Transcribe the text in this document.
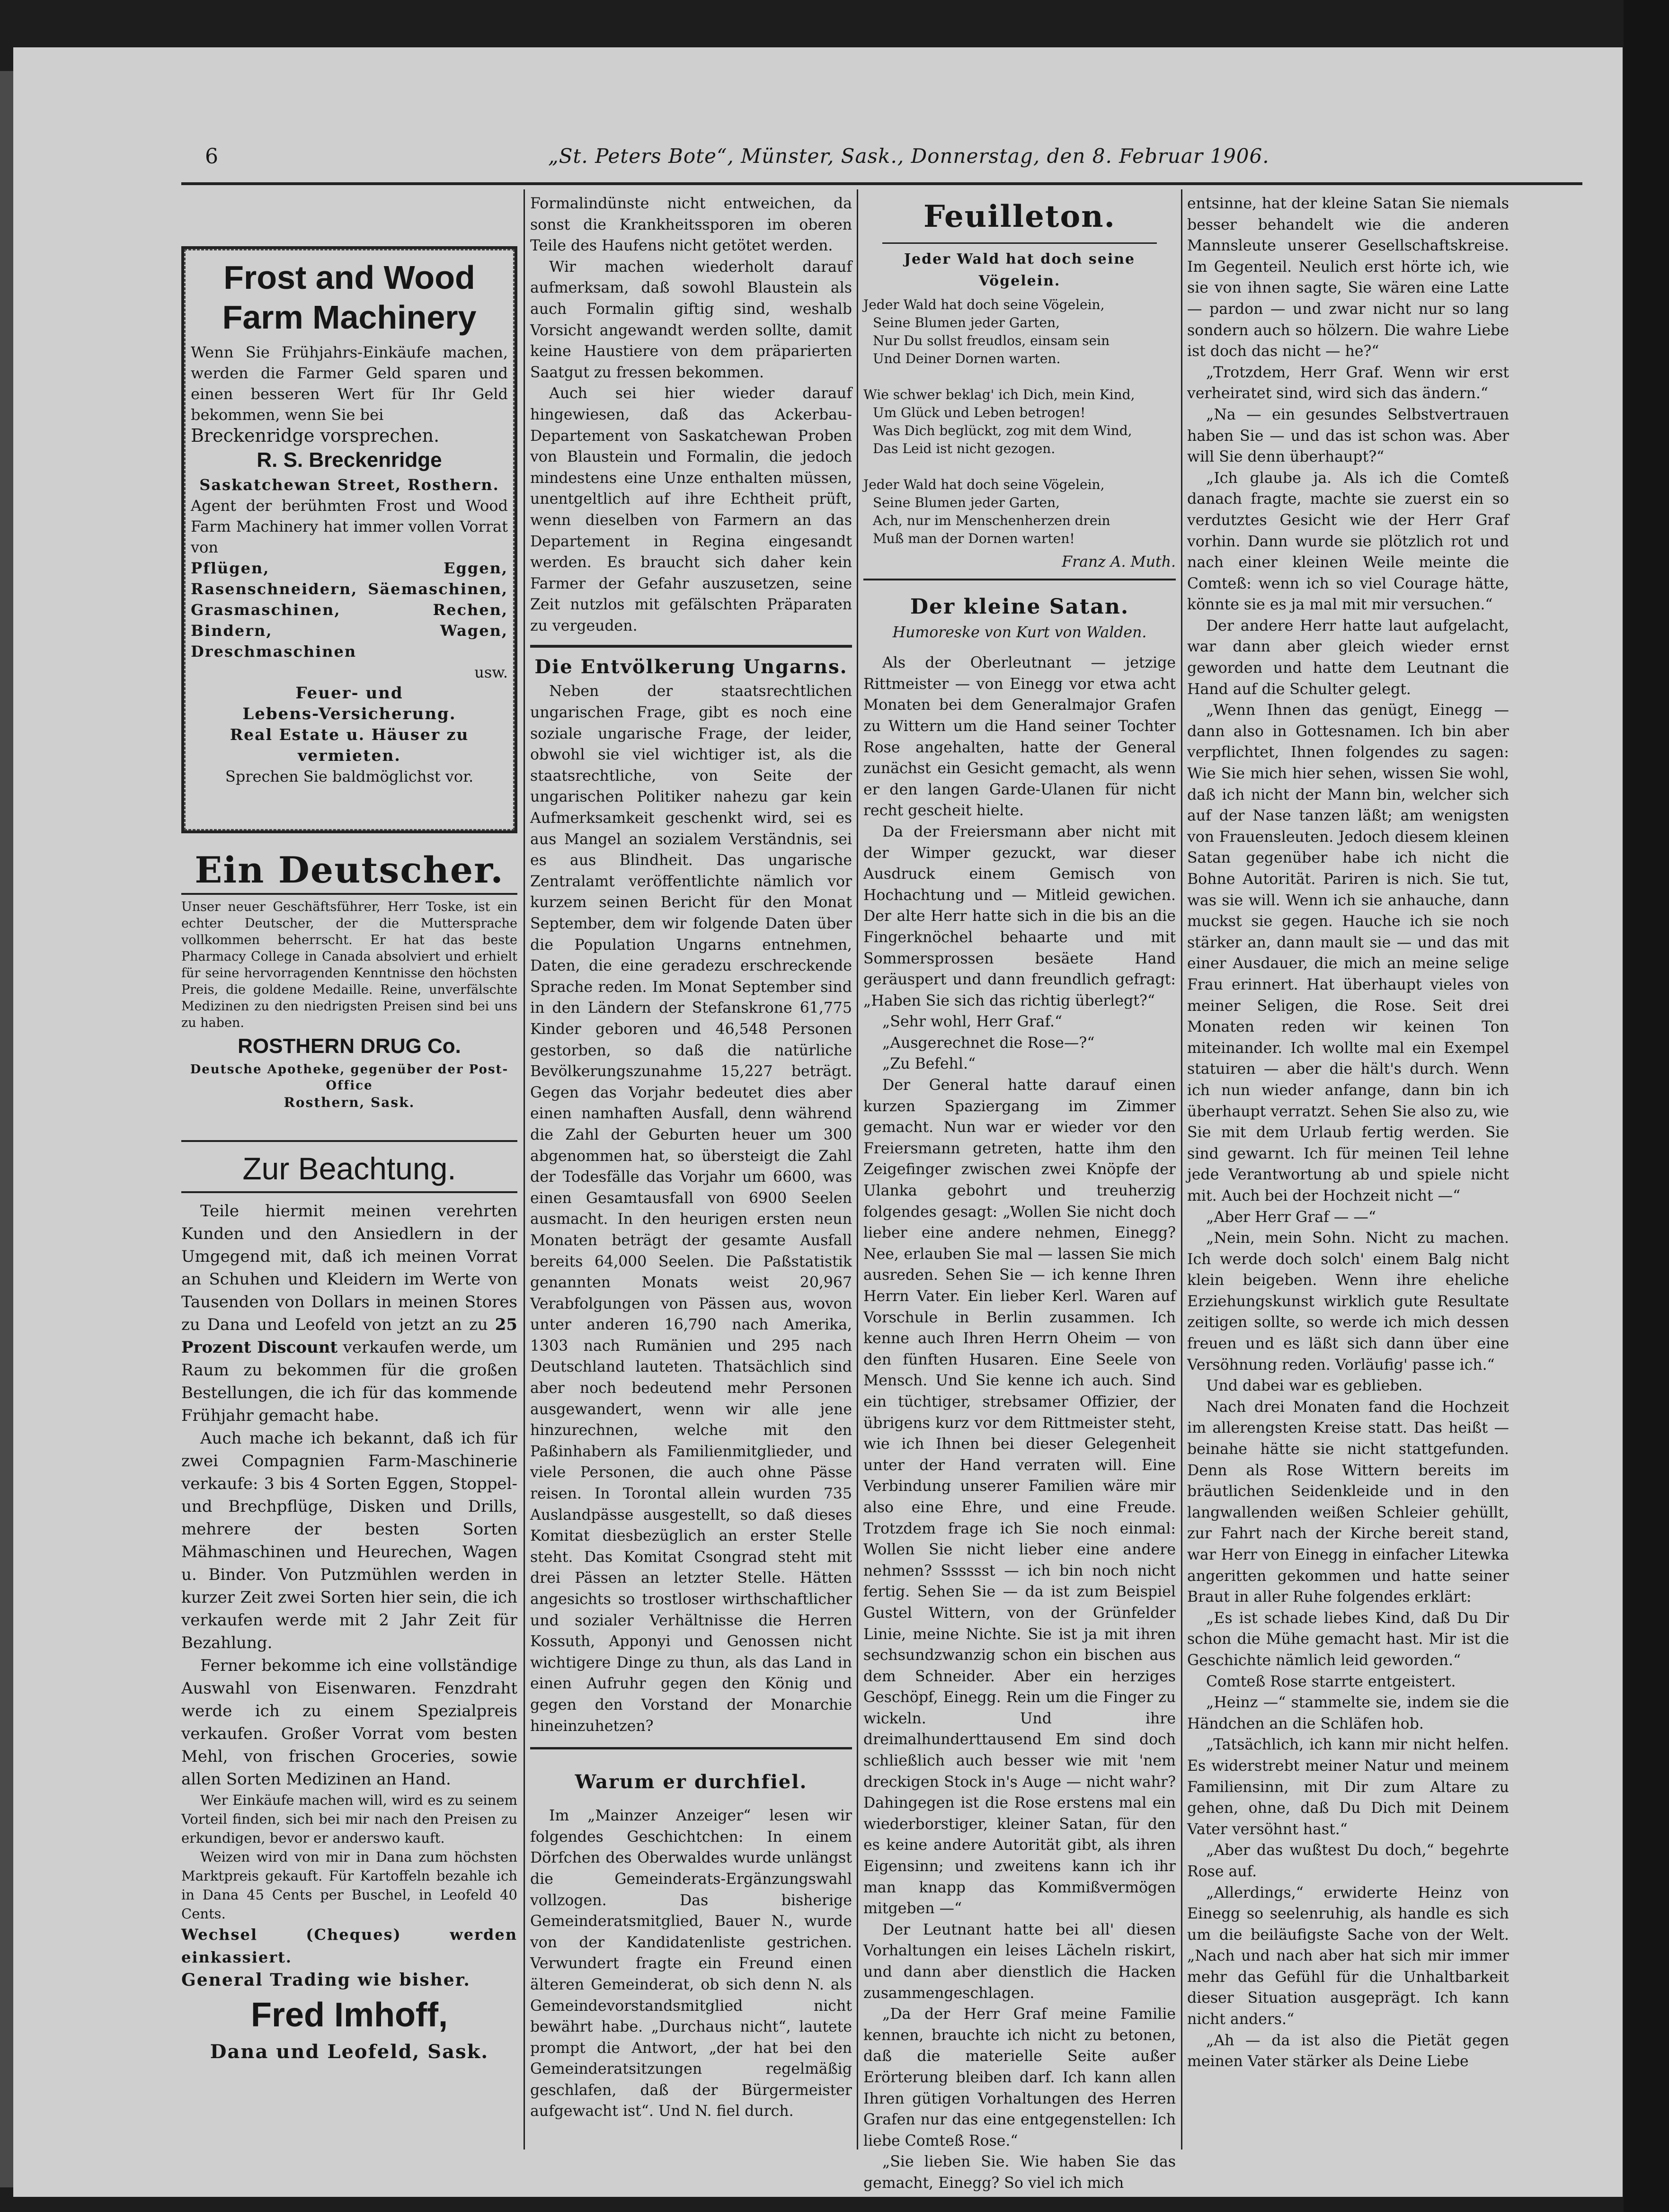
6	„St. Peters Bote“, Münster, Sask., Donnerstag, den 8. Februar 1906.
Frost and Wood
Farm Machinery
Wenn Sie Frühjahrs-Einkäufe machen, werden die Farmer Geld sparen und einen besseren Wert für Ihr Geld bekommen, wenn Sie bei
Breckenridge vorsprechen.
R. S. Breckenridge
Saskatchewan Street, Rosthern.
Agent der berühmten Frost und Wood Farm Machinery hat immer vollen Vorrat von
Pflügen, Eggen, Rasenschneidern, Säemaschinen, Grasmaschinen, Rechen, Bindern, Wagen, Dreschmaschinen
usw.
Feuer- und
Lebens-Versicherung.
Real Estate u. Häuser zu vermieten.
Sprechen Sie baldmöglichst vor.
Ein Deutscher.
Unser neuer Geschäftsführer, Herr Toske, ist ein echter Deutscher, der die Muttersprache vollkommen beherrscht. Er hat das beste Pharmacy College in Canada absolviert und erhielt für seine hervorragenden Kenntnisse den höchsten Preis, die goldene Medaille. Reine, unverfälschte Medizinen zu den niedrigsten Preisen sind bei uns zu haben.
ROSTHERN DRUG Co.
Deutsche Apotheke, gegenüber der Post-Office
Rosthern, Sask.
Zur Beachtung.

Teile hiermit meinen verehrten Kunden und den Ansiedlern in der Umgegend mit, daß ich meinen Vorrat an Schuhen und Kleidern im Werte von Tausenden von Dollars in meinen Stores zu Dana und Leofeld von jetzt an zu 25 Prozent Discount verkaufen werde, um Raum zu bekommen für die großen Bestellungen, die ich für das kommende Frühjahr gemacht habe.

Auch mache ich bekannt, daß ich für zwei Compagnien Farm-Maschinerie verkaufe: 3 bis 4 Sorten Eggen, Stoppel- und Brechpflüge, Disken und Drills, mehrere der besten Sorten Mähmaschinen und Heurechen, Wagen u. Binder. Von Putzmühlen werden in kurzer Zeit zwei Sorten hier sein, die ich verkaufen werde mit 2 Jahr Zeit für Bezahlung.

Ferner bekomme ich eine vollständige Auswahl von Eisenwaren. Fenzdraht werde ich zu einem Spezialpreis verkaufen. Großer Vorrat vom besten Mehl, von frischen Groceries, sowie allen Sorten Medizinen an Hand.

Wer Einkäufe machen will, wird es zu seinem Vorteil finden, sich bei mir nach den Preisen zu erkundigen, bevor er anderswo kauft.

Weizen wird von mir in Dana zum höchsten Marktpreis gekauft. Für Kartoffeln bezahle ich in Dana 45 Cents per Buschel, in Leofeld 40 Cents.

Wechsel (Cheques) werden einkassiert.
General Trading wie bisher.
Fred Imhoff,
Dana und Leofeld, Sask.
Formalindünste nicht entweichen, da sonst die Krankheitssporen im oberen Teile des Haufens nicht getötet werden.

Wir machen wiederholt darauf aufmerksam, daß sowohl Blaustein als auch Formalin giftig sind, weshalb Vorsicht angewandt werden sollte, damit keine Haustiere von dem präparierten Saatgut zu fressen bekommen.

Auch sei hier wieder darauf hingewiesen, daß das Ackerbau-Departement von Saskatchewan Proben von Blaustein und Formalin, die jedoch mindestens eine Unze enthalten müssen, unentgeltlich auf ihre Echtheit prüft, wenn dieselben von Farmern an das Departement in Regina eingesandt werden. Es braucht sich daher kein Farmer der Gefahr auszusetzen, seine Zeit nutzlos mit gefälschten Präparaten zu vergeuden.

Die Entvölkerung Ungarns.

Neben der staatsrechtlichen ungarischen Frage, gibt es noch eine soziale ungarische Frage, der leider, obwohl sie viel wichtiger ist, als die staatsrechtliche, von Seite der ungarischen Politiker nahezu gar kein Aufmerksamkeit geschenkt wird, sei es aus Mangel an sozialem Verständnis, sei es aus Blindheit. Das ungarische Zentralamt veröffentlichte nämlich vor kurzem seinen Bericht für den Monat September, dem wir folgende Daten über die Population Ungarns entnehmen, Daten, die eine geradezu erschreckende Sprache reden. Im Monat September sind in den Ländern der Stefanskrone 61,775 Kinder geboren und 46,548 Personen gestorben, so daß die natürliche Bevölkerungszunahme 15,227 beträgt. Gegen das Vorjahr bedeutet dies aber einen namhaften Ausfall, denn während die Zahl der Geburten heuer um 300 abgenommen hat, so übersteigt die Zahl der Todesfälle das Vorjahr um 6600, was einen Gesamtausfall von 6900 Seelen ausmacht. In den heurigen ersten neun Monaten beträgt der gesamte Ausfall bereits 64,000 Seelen. Die Paßstatistik genannten Monats weist 20,967 Verabfolgungen von Pässen aus, wovon unter anderen 16,790 nach Amerika, 1303 nach Rumänien und 295 nach Deutschland lauteten. Thatsächlich sind aber noch bedeutend mehr Personen ausgewandert, wenn wir alle jene hinzurechnen, welche mit den Paßinhabern als Familienmitglieder, und viele Personen, die auch ohne Pässe reisen. In Torontal allein wurden 735 Auslandpässe ausgestellt, so daß dieses Komitat diesbezüglich an erster Stelle steht. Das Komitat Csongrad steht mit drei Pässen an letzter Stelle. Hätten angesichts so trostloser wirthschaftlicher und sozialer Verhältnisse die Herren Kossuth, Apponyi und Genossen nicht wichtigere Dinge zu thun, als das Land in einen Aufruhr gegen den König und gegen den Vorstand der Monarchie hineinzuhetzen?

Warum er durchfiel.

Im „Mainzer Anzeiger“ lesen wir folgendes Geschichtchen: In einem Dörfchen des Oberwaldes wurde unlängst die Gemeinderats-Ergänzungswahl vollzogen. Das bisherige Gemeinderatsmitglied, Bauer N., wurde von der Kandidatenliste gestrichen. Verwundert fragte ein Freund einen älteren Gemeinderat, ob sich denn N. als Gemeindevorstandsmitglied nicht bewährt habe. „Durchaus nicht“, lautete prompt die Antwort, „der hat bei den Gemeinderatsitzungen regelmäßig geschlafen, daß der Bürgermeister aufgewacht ist“. Und N. fiel durch.

Feuilleton.
Jeder Wald hat doch seine Vögelein.
Jeder Wald hat doch seine Vögelein,
Seine Blumen jeder Garten,
Nur Du sollst freudlos, einsam sein
Und Deiner Dornen warten.

Wie schwer beklag' ich Dich, mein Kind,
Um Glück und Leben betrogen!
Was Dich beglückt, zog mit dem Wind,
Das Leid ist nicht gezogen.

Jeder Wald hat doch seine Vögelein,
Seine Blumen jeder Garten,
Ach, nur im Menschenherzen drein
Muß man der Dornen warten!
Franz A. Muth.
Der kleine Satan.
Humoreske von Kurt von Walden.

Als der Oberleutnant — jetzige Rittmeister — von Einegg vor etwa acht Monaten bei dem Generalmajor Grafen zu Wittern um die Hand seiner Tochter Rose angehalten, hatte der General zunächst ein Gesicht gemacht, als wenn er den langen Garde-Ulanen für nicht recht gescheit hielte.

Da der Freiersmann aber nicht mit der Wimper gezuckt, war dieser Ausdruck einem Gemisch von Hochachtung und — Mitleid gewichen. Der alte Herr hatte sich in die bis an die Fingerknöchel behaarte und mit Sommersprossen besäete Hand geräuspert und dann freundlich gefragt: „Haben Sie sich das richtig überlegt?“

„Sehr wohl, Herr Graf.“

„Ausgerechnet die Rose—?“

„Zu Befehl.“

Der General hatte darauf einen kurzen Spaziergang im Zimmer gemacht. Nun war er wieder vor den Freiersmann getreten, hatte ihm den Zeigefinger zwischen zwei Knöpfe der Ulanka gebohrt und treuherzig folgendes gesagt: „Wollen Sie nicht doch lieber eine andere nehmen, Einegg? Nee, erlauben Sie mal — lassen Sie mich ausreden. Sehen Sie — ich kenne Ihren Herrn Vater. Ein lieber Kerl. Waren auf Vorschule in Berlin zusammen. Ich kenne auch Ihren Herrn Oheim — von den fünften Husaren. Eine Seele von Mensch. Und Sie kenne ich auch. Sind ein tüchtiger, strebsamer Offizier, der übrigens kurz vor dem Rittmeister steht, wie ich Ihnen bei dieser Gelegenheit unter der Hand verraten will. Eine Verbindung unserer Familien wäre mir also eine Ehre, und eine Freude. Trotzdem frage ich Sie noch einmal: Wollen Sie nicht lieber eine andere nehmen? Sssssst — ich bin noch nicht fertig. Sehen Sie — da ist zum Beispiel Gustel Wittern, von der Grünfelder Linie, meine Nichte. Sie ist ja mit ihren sechsundzwanzig schon ein bischen aus dem Schneider. Aber ein herziges Geschöpf, Einegg. Rein um die Finger zu wickeln. Und ihre dreimalhunderttausend Em sind doch schließlich auch besser wie mit 'nem dreckigen Stock in's Auge — nicht wahr? Dahingegen ist die Rose erstens mal ein wiederborstiger, kleiner Satan, für den es keine andere Autorität gibt, als ihren Eigensinn; und zweitens kann ich ihr man knapp das Kommißvermögen mitgeben —“

Der Leutnant hatte bei all' diesen Vorhaltungen ein leises Lächeln riskirt, und dann aber dienstlich die Hacken zusammengeschlagen.

„Da der Herr Graf meine Familie kennen, brauchte ich nicht zu betonen, daß die materielle Seite außer Erörterung bleiben darf. Ich kann allen Ihren gütigen Vorhaltungen des Herren Grafen nur das eine entgegenstellen: Ich liebe Comteß Rose.“

„Sie lieben Sie. Wie haben Sie das gemacht, Einegg? So viel ich mich

entsinne, hat der kleine Satan Sie niemals besser behandelt wie die anderen Mannsleute unserer Gesellschaftskreise. Im Gegenteil. Neulich erst hörte ich, wie sie von ihnen sagte, Sie wären eine Latte — pardon — und zwar nicht nur so lang sondern auch so hölzern. Die wahre Liebe ist doch das nicht — he?“

„Trotzdem, Herr Graf. Wenn wir erst verheiratet sind, wird sich das ändern.“

„Na — ein gesundes Selbstvertrauen haben Sie — und das ist schon was. Aber will Sie denn überhaupt?“

„Ich glaube ja. Als ich die Comteß danach fragte, machte sie zuerst ein so verdutztes Gesicht wie der Herr Graf vorhin. Dann wurde sie plötzlich rot und nach einer kleinen Weile meinte die Comteß: wenn ich so viel Courage hätte, könnte sie es ja mal mit mir versuchen.“

Der andere Herr hatte laut aufgelacht, war dann aber gleich wieder ernst geworden und hatte dem Leutnant die Hand auf die Schulter gelegt.

„Wenn Ihnen das genügt, Einegg — dann also in Gottesnamen. Ich bin aber verpflichtet, Ihnen folgendes zu sagen: Wie Sie mich hier sehen, wissen Sie wohl, daß ich nicht der Mann bin, welcher sich auf der Nase tanzen läßt; am wenigsten von Frauensleuten. Jedoch diesem kleinen Satan gegenüber habe ich nicht die Bohne Autorität. Pariren is nich. Sie tut, was sie will. Wenn ich sie anhauche, dann muckst sie gegen. Hauche ich sie noch stärker an, dann mault sie — und das mit einer Ausdauer, die mich an meine selige Frau erinnert. Hat überhaupt vieles von meiner Seligen, die Rose. Seit drei Monaten reden wir keinen Ton miteinander. Ich wollte mal ein Exempel statuiren — aber die hält's durch. Wenn ich nun wieder anfange, dann bin ich überhaupt verratzt. Sehen Sie also zu, wie Sie mit dem Urlaub fertig werden. Sie sind gewarnt. Ich für meinen Teil lehne jede Verantwortung ab und spiele nicht mit. Auch bei der Hochzeit nicht —“

„Aber Herr Graf — —“

„Nein, mein Sohn. Nicht zu machen. Ich werde doch solch' einem Balg nicht klein beigeben. Wenn ihre eheliche Erziehungskunst wirklich gute Resultate zeitigen sollte, so werde ich mich dessen freuen und es läßt sich dann über eine Versöhnung reden. Vorläufig' passe ich.“

Und dabei war es geblieben.

Nach drei Monaten fand die Hochzeit im allerengsten Kreise statt. Das heißt — beinahe hätte sie nicht stattgefunden. Denn als Rose Wittern bereits im bräutlichen Seidenkleide und in den langwallenden weißen Schleier gehüllt, zur Fahrt nach der Kirche bereit stand, war Herr von Einegg in einfacher Litewka angeritten gekommen und hatte seiner Braut in aller Ruhe folgendes erklärt:

„Es ist schade liebes Kind, daß Du Dir schon die Mühe gemacht hast. Mir ist die Geschichte nämlich leid geworden.“

Comteß Rose starrte entgeistert.

„Heinz —“ stammelte sie, indem sie die Händchen an die Schläfen hob.

„Tatsächlich, ich kann mir nicht helfen. Es widerstrebt meiner Natur und meinem Familiensinn, mit Dir zum Altare zu gehen, ohne, daß Du Dich mit Deinem Vater versöhnt hast.“

„Aber das wußtest Du doch,“ begehrte Rose auf.

„Allerdings,“ erwiderte Heinz von Einegg so seelenruhig, als handle es sich um die beiläufigste Sache von der Welt. „Nach und nach aber hat sich mir immer mehr das Gefühl für die Unhaltbarkeit dieser Situation ausgeprägt. Ich kann nicht anders.“

„Ah — da ist also die Pietät gegen meinen Vater stärker als Deine Liebe
